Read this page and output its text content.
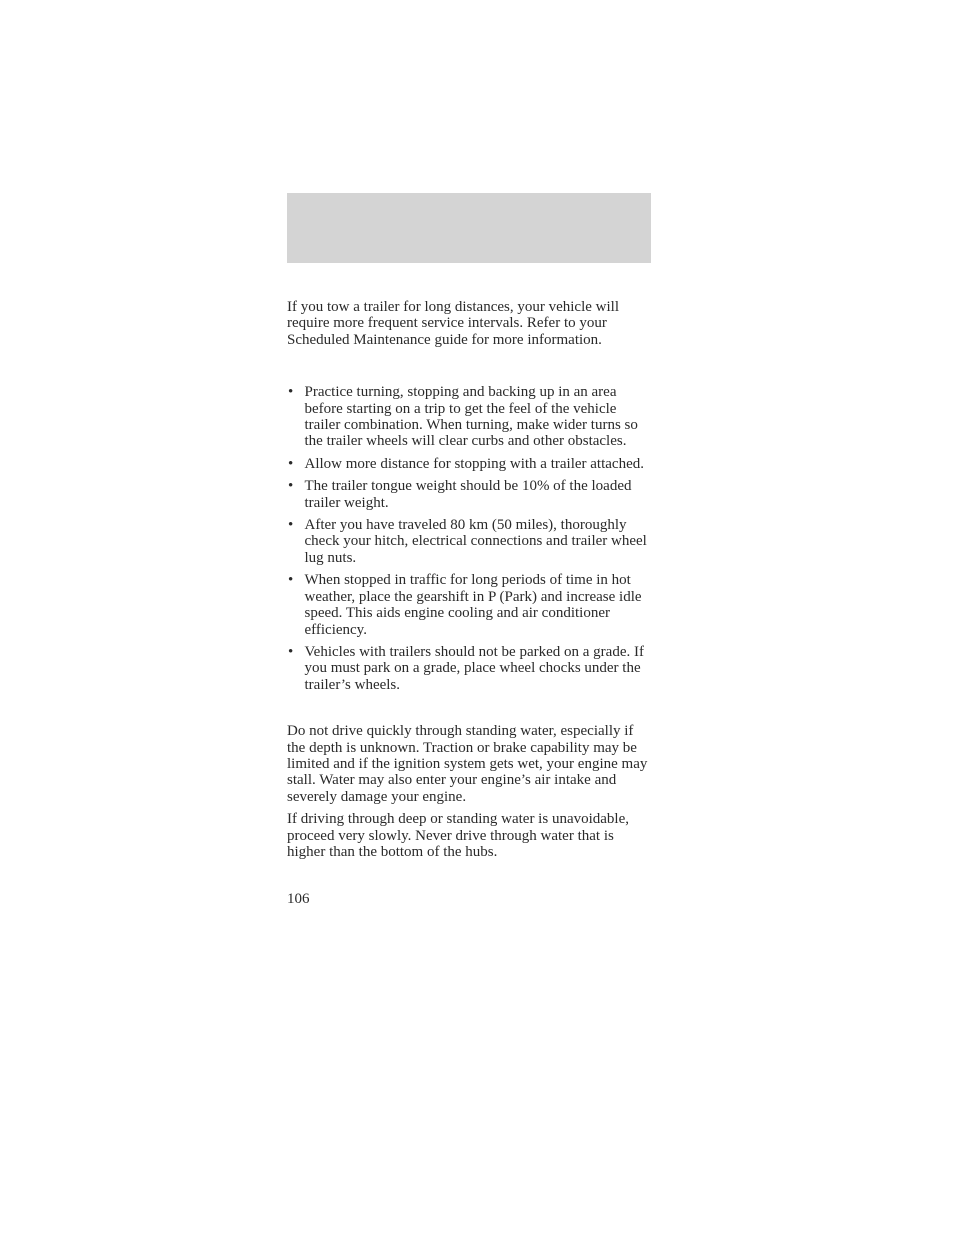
If you tow a trailer for long distances, your vehicle will require more frequent service intervals. Refer to your Scheduled Maintenance guide for more information.

• Practice turning, stopping and backing up in an area before starting on a trip to get the feel of the vehicle trailer combination. When turning, make wider turns so the trailer wheels will clear curbs and other obstacles.
• Allow more distance for stopping with a trailer attached.
• The trailer tongue weight should be 10% of the loaded trailer weight.
• After you have traveled 80 km (50 miles), thoroughly check your hitch, electrical connections and trailer wheel lug nuts.
• When stopped in traffic for long periods of time in hot weather, place the gearshift in P (Park) and increase idle speed. This aids engine cooling and air conditioner efficiency.
• Vehicles with trailers should not be parked on a grade. If you must park on a grade, place wheel chocks under the trailer’s wheels.

Do not drive quickly through standing water, especially if the depth is unknown. Traction or brake capability may be limited and if the ignition system gets wet, your engine may stall. Water may also enter your engine’s air intake and severely damage your engine.

If driving through deep or standing water is unavoidable, proceed very slowly. Never drive through water that is higher than the bottom of the hubs.

106
